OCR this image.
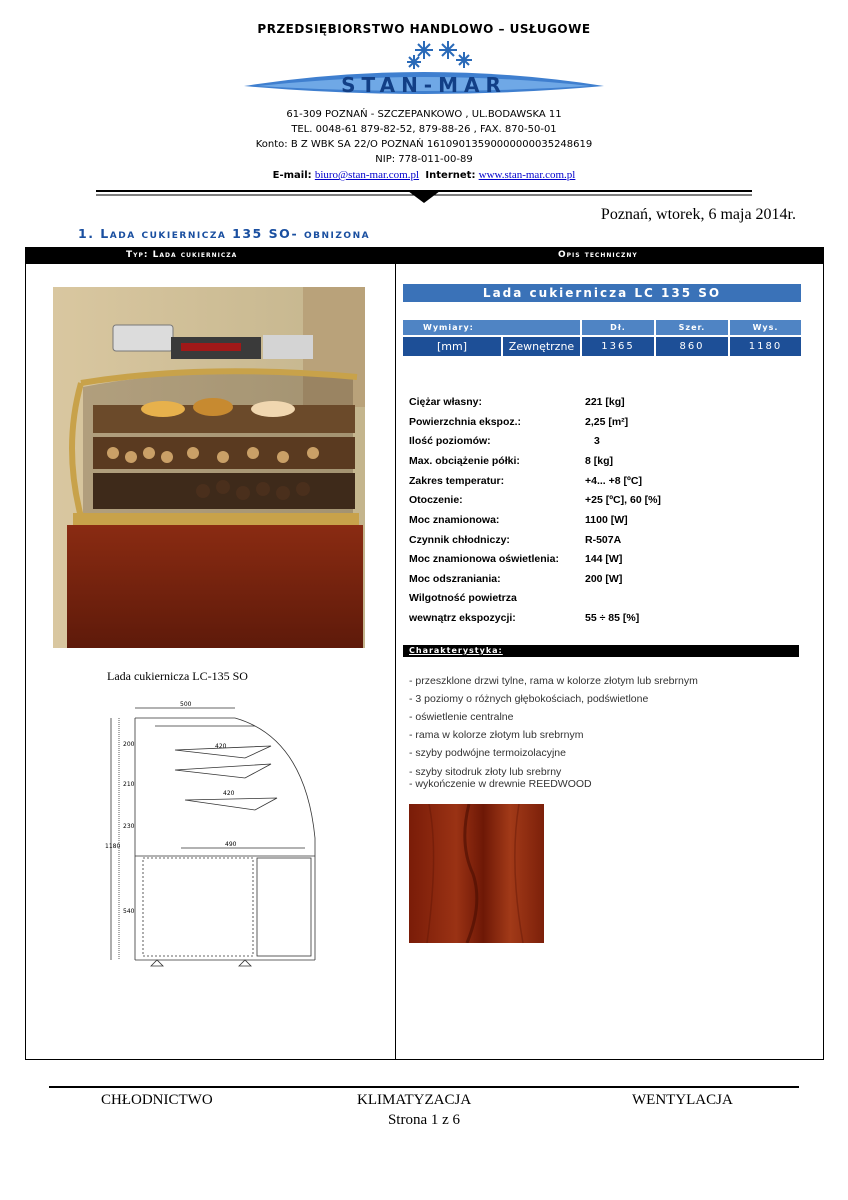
PRZEDSIĘBIORSTWO HANDLOWO – USŁUGOWE
STAN-MAR
61-309 POZNAŃ - SZCZEPANKOWO , UL.BODAWSKA 11
TEL. 0048-61 879-82-52, 879-88-26 , FAX. 870-50-01
Konto: B Z WBK SA 22/O POZNAŃ 16109013590000000035248619
NIP: 778-011-00-89
E-mail: biuro@stan-mar.com.pl Internet: www.stan-mar.com.pl
Poznań, wtorek, 6 maja 2014r.
1. Lada cukiernicza 135 SO- obnizona
Typ: Lada cukiernicza	Opis techniczny
Lada cukiernicza LC-135 SO
500
420
420
490
200
210
230
1180
540
Lada cukiernicza LC 135 SO
Wymiary:	Dł.	Szer.	Wys.
[mm]	Zewnętrzne	1365	860	1180
Ciężar własny:	221 [kg]
Powierzchnia ekspoz.:	2,25 [m²]
Ilość poziomów:	3
Max. obciążenie półki:	8 [kg]
Zakres temperatur:	+4... +8 [ºC]
Otoczenie:	+25 [ºC], 60 [%]
Moc znamionowa:	1100 [W]
Czynnik chłodniczy:	R-507A
Moc znamionowa oświetlenia: 144 [W]
Moc odszraniania:	200 [W]
Wilgotność powietrza
wewnątrz ekspozycji:	55 ÷ 85 [%]
Charakterystyka:
- przeszklone drzwi tylne, rama w kolorze złotym lub srebrnym
- 3 poziomy o różnych głębokościach, podświetlone
- oświetlenie centralne
- rama w kolorze złotym lub srebrnym
- szyby podwójne termoizolacyjne
- szyby sitodruk złoty lub srebrny
- wykończenie w drewnie REEDWOOD
CHŁODNICTWO	KLIMATYZACJA	WENTYLACJA
Strona 1 z 6
